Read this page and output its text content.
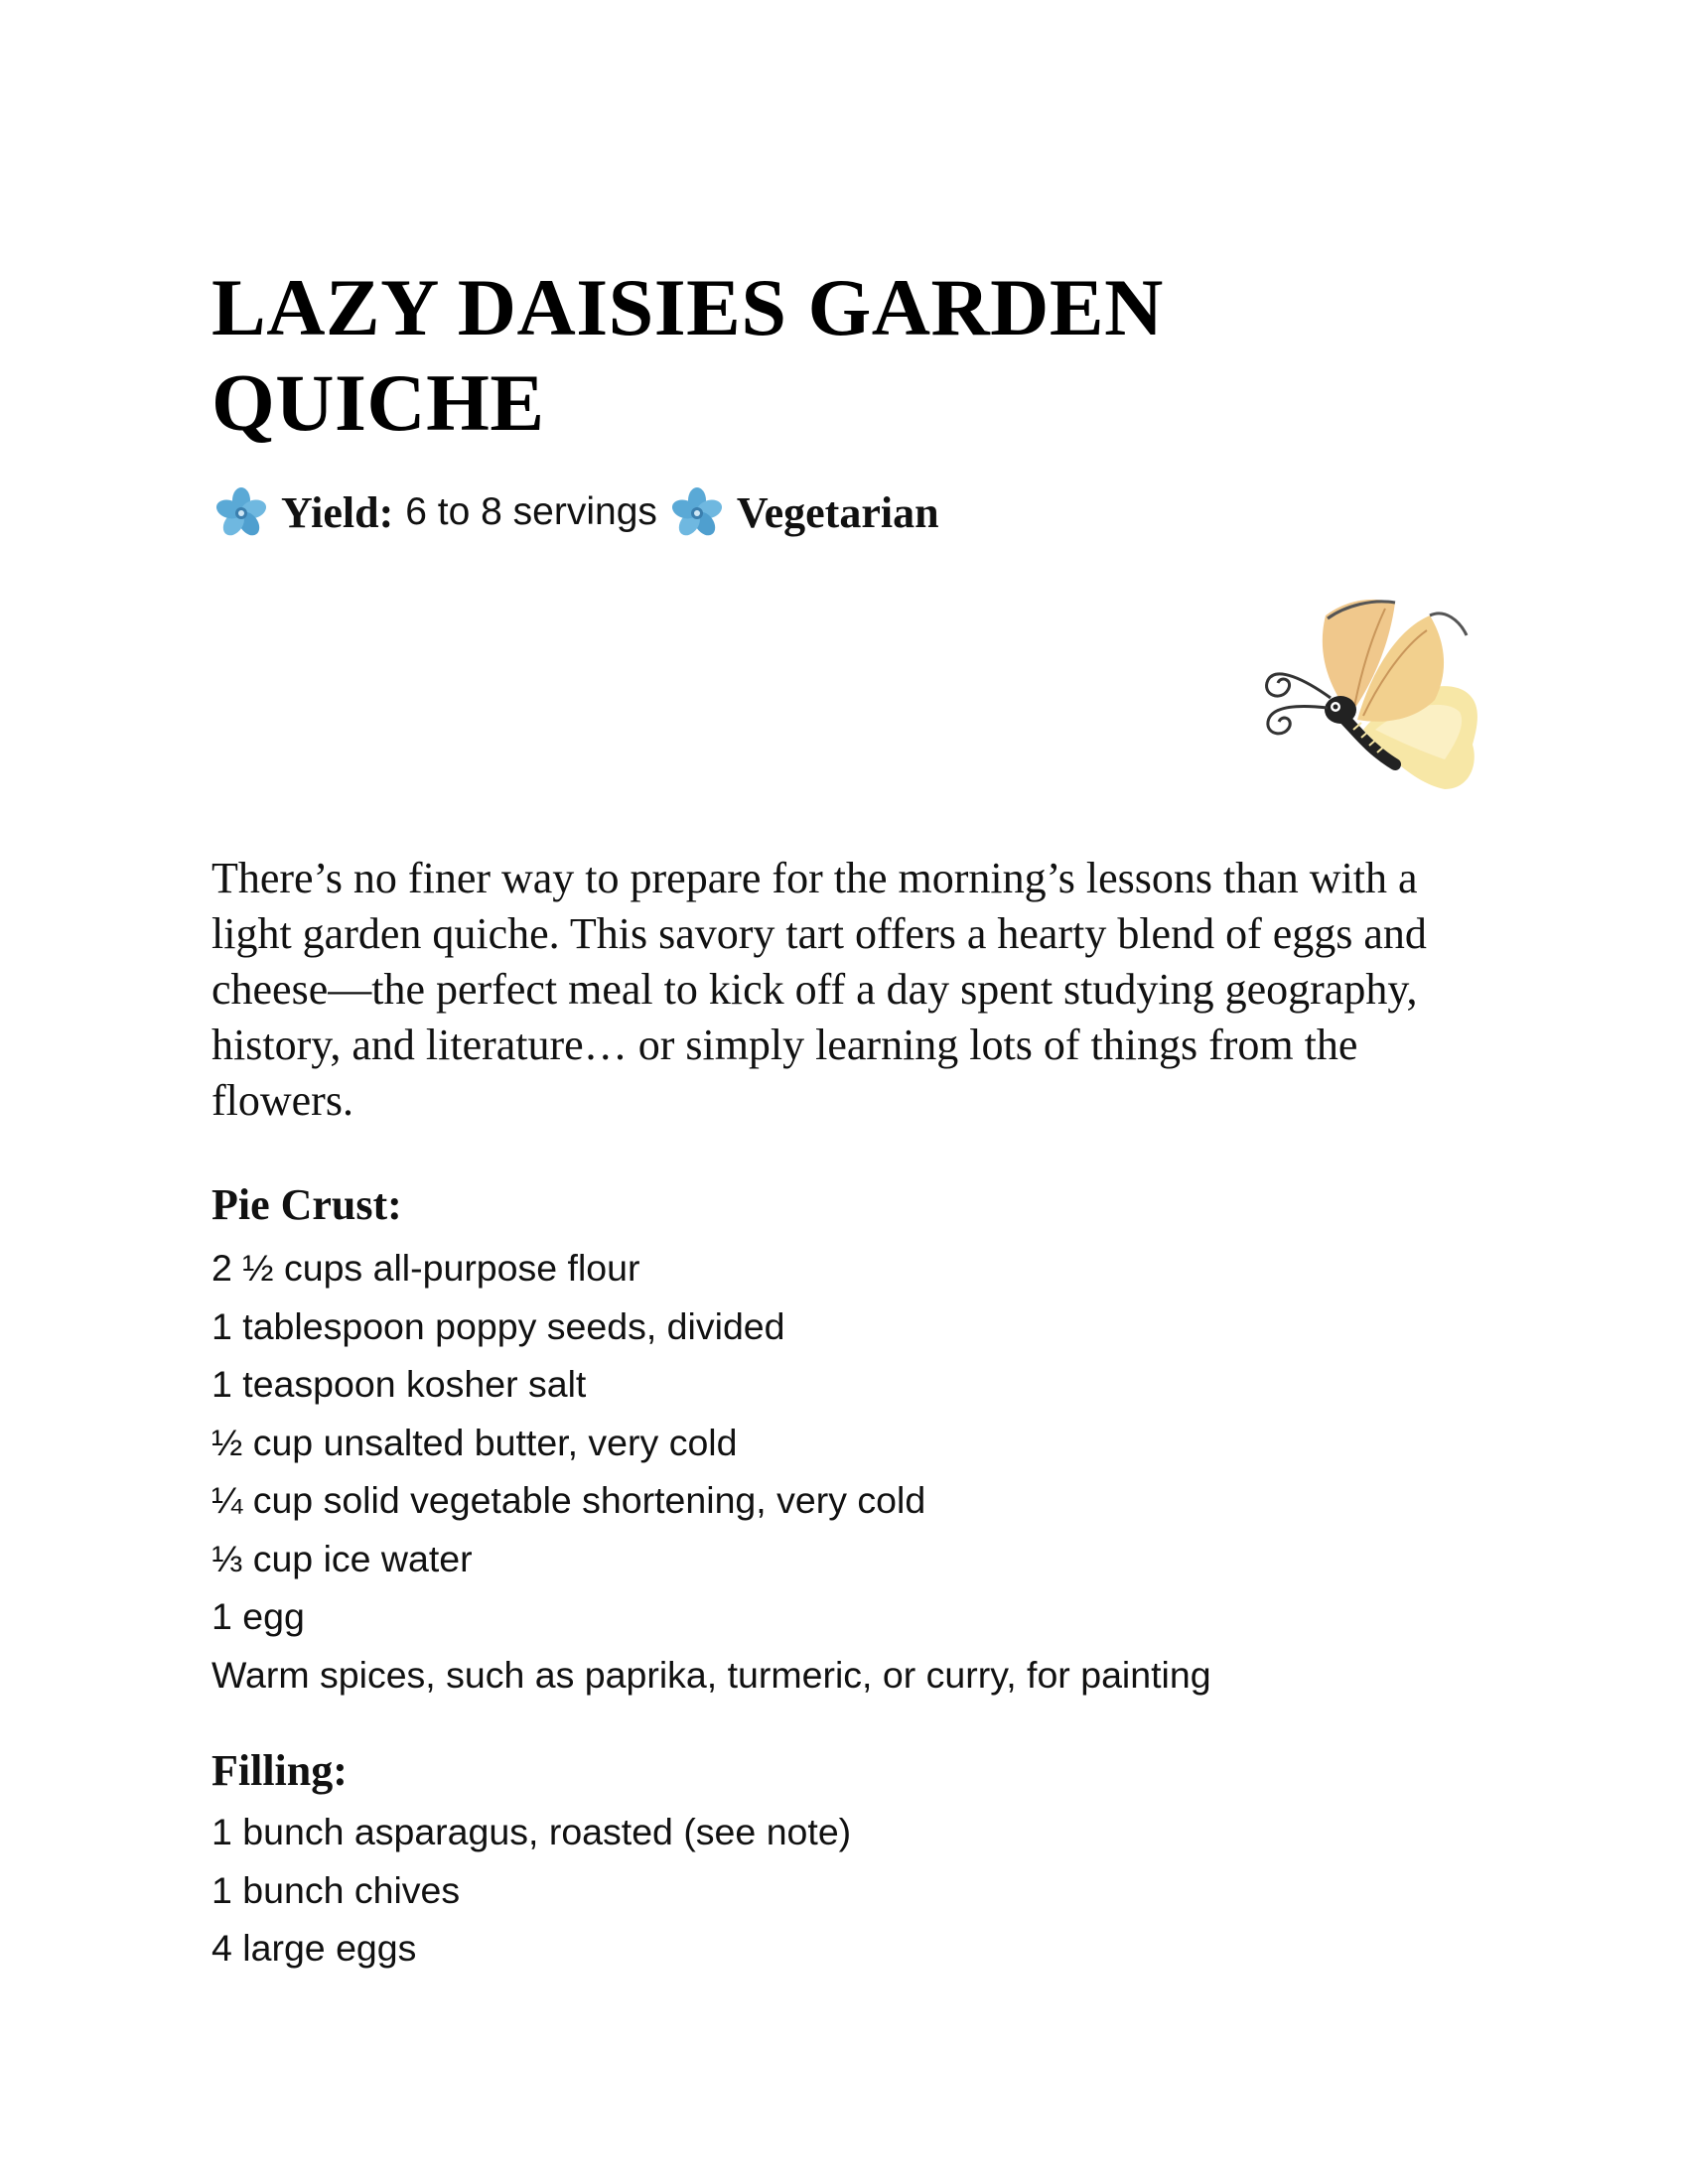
LAZY DAISIES GARDEN QUICHE
Yield: 6 to 8 servings Vegetarian

There’s no finer way to prepare for the morning’s lessons than with a light garden quiche. This savory tart offers a hearty blend of eggs and cheese—the perfect meal to kick off a day spent studying geography, history, and literature… or simply learning lots of things from the flowers.

Pie Crust:
2 ½ cups all-purpose flour
1 tablespoon poppy seeds, divided
1 teaspoon kosher salt
½ cup unsalted butter, very cold
¼ cup solid vegetable shortening, very cold
⅓ cup ice water
1 egg
Warm spices, such as paprika, turmeric, or curry, for painting
Filling:
1 bunch asparagus, roasted (see note)
1 bunch chives
4 large eggs
